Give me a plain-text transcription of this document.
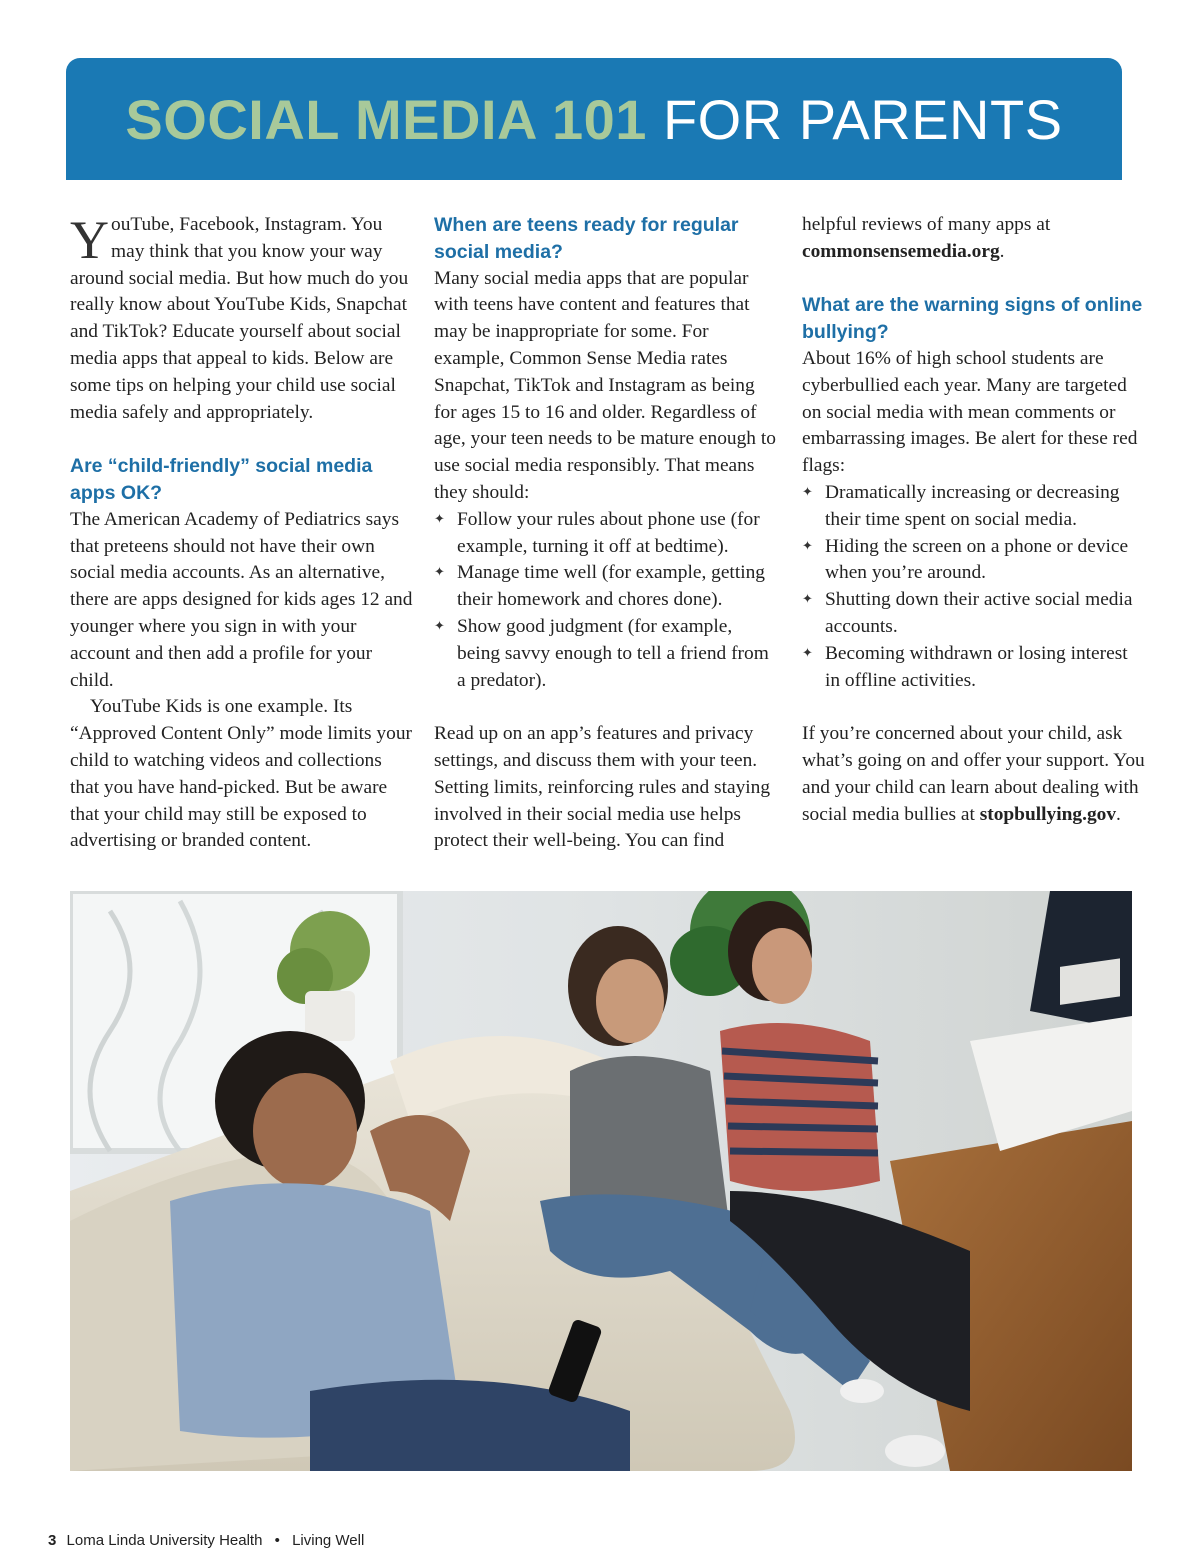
SOCIAL MEDIA 101 FOR PARENTS

YouTube, Facebook, Instagram. You may think that you know your way around social media. But how much do you really know about YouTube Kids, Snapchat and TikTok? Educate yourself about social media apps that appeal to kids. Below are some tips on helping your child use social media safely and appropriately.

Are “child-friendly” social media apps OK?

The American Academy of Pediatrics says that preteens should not have their own social media accounts. As an alternative, there are apps designed for kids ages 12 and younger where you sign in with your account and then add a profile for your child.

YouTube Kids is one example. Its “Approved Content Only” mode limits your child to watching videos and collections that you have hand-picked. But be aware that your child may still be exposed to advertising or branded content.

When are teens ready for regular social media?

Many social media apps that are popular with teens have content and features that may be inappropriate for some. For example, Common Sense Media rates Snapchat, TikTok and Instagram as being for ages 15 to 16 and older. Regardless of age, your teen needs to be mature enough to use social media responsibly. That means they should:

✦ Follow your rules about phone use (for example, turning it off at bedtime).
✦ Manage time well (for example, getting their homework and chores done).
✦ Show good judgment (for example, being savvy enough to tell a friend from a predator).

Read up on an app’s features and privacy settings, and discuss them with your teen. Setting limits, reinforcing rules and staying involved in their social media use helps protect their well-being. You can find

helpful reviews of many apps at commonsensemedia.org.

What are the warning signs of online bullying?

About 16% of high school students are cyberbullied each year. Many are targeted on social media with mean comments or embarrassing images. Be alert for these red flags:

✦ Dramatically increasing or decreasing their time spent on social media.
✦ Hiding the screen on a phone or device when you’re around.
✦ Shutting down their active social media accounts.
✦ Becoming withdrawn or losing interest in offline activities.

If you’re concerned about your child, ask what’s going on and offer your support. You and your child can learn about dealing with social media bullies at stopbullying.gov.

3 Loma Linda University Health • Living Well
